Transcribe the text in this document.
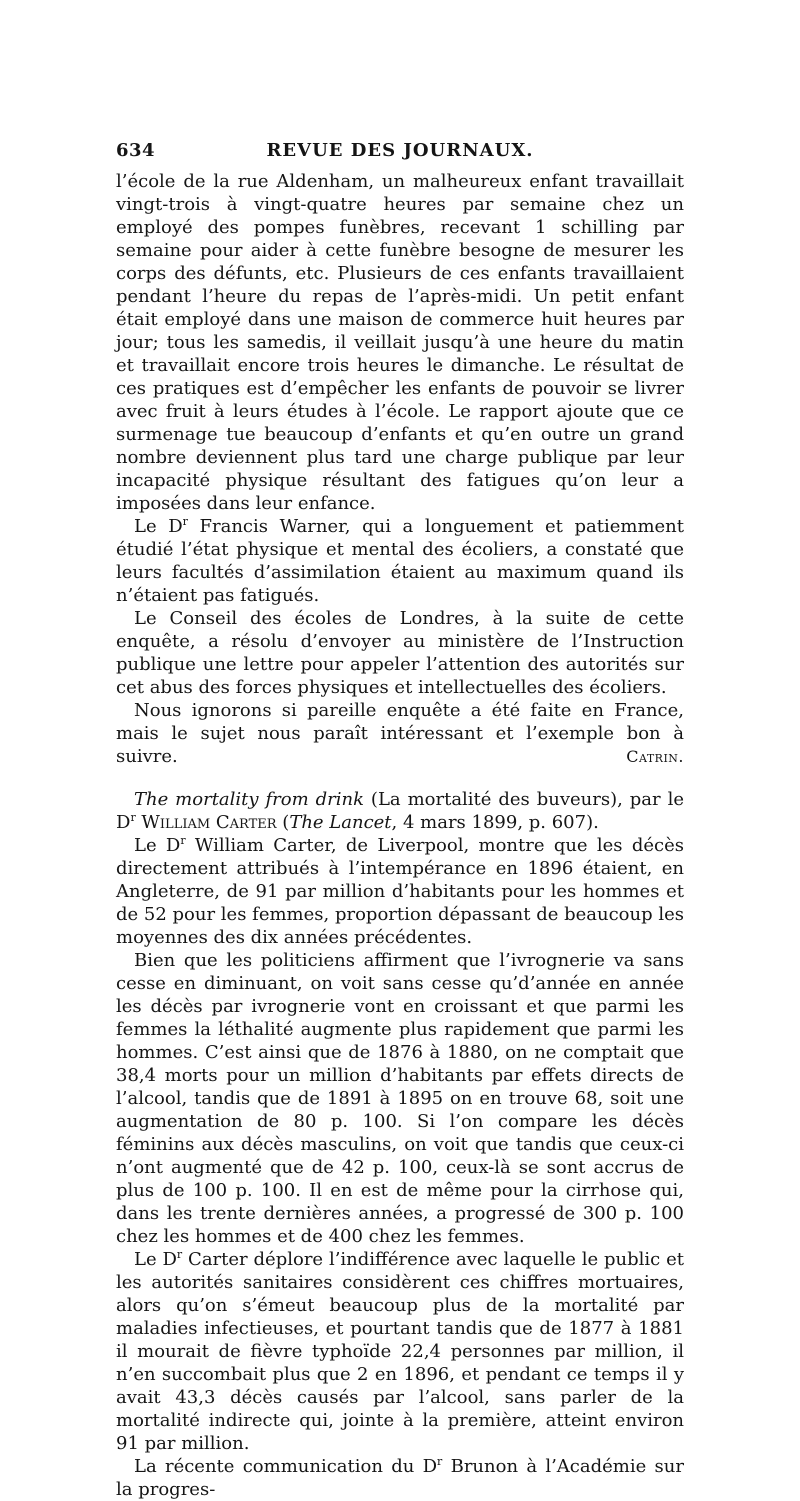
634	REVUE DES JOURNAUX.

l’école de la rue Aldenham, un malheureux enfant travaillait vingt-trois à vingt-quatre heures par semaine chez un employé des pompes funèbres, recevant 1 schilling par semaine pour aider à cette funèbre besogne de mesurer les corps des défunts, etc. Plusieurs de ces enfants travaillaient pendant l’heure du repas de l’après-midi. Un petit enfant était employé dans une maison de commerce huit heures par jour; tous les samedis, il veillait jusqu’à une heure du matin et travaillait encore trois heures le dimanche. Le résultat de ces pratiques est d’empêcher les enfants de pouvoir se livrer avec fruit à leurs études à l’école. Le rapport ajoute que ce surmenage tue beaucoup d’enfants et qu’en outre un grand nombre deviennent plus tard une charge publique par leur incapacité physique résultant des fatigues qu’on leur a imposées dans leur enfance.

Le $D^r$ Francis Warner, qui a longuement et patiemment étudié l’état physique et mental des écoliers, a constaté que leurs facultés d’assimilation étaient au maximum quand ils n’étaient pas fatigués.

Le Conseil des écoles de Londres, à la suite de cette enquête, a résolu d’envoyer au ministère de l’Instruction publique une lettre pour appeler l’attention des autorités sur cet abus des forces physiques et intellectuelles des écoliers.

Nous ignorons si pareille enquête a été faite en France, mais le sujet nous paraît intéressant et l’exemple bon à suivre.	Catrin.

The mortality from drink (La mortalité des buveurs), par le $D^r$ William Carter (The Lancet, 4 mars 1899, p. 607).

Le $D^r$ William Carter, de Liverpool, montre que les décès directement attribués à l’intempérance en 1896 étaient, en Angleterre, de 91 par million d’habitants pour les hommes et de 52 pour les femmes, proportion dépassant de beaucoup les moyennes des dix années précédentes.

Bien que les politiciens affirment que l’ivrognerie va sans cesse en diminuant, on voit sans cesse qu’d’année en année les décès par ivrognerie vont en croissant et que parmi les femmes la léthalité augmente plus rapidement que parmi les hommes. C’est ainsi que de 1876 à 1880, on ne comptait que 38,4 morts pour un million d’habitants par effets directs de l’alcool, tandis que de 1891 à 1895 on en trouve 68, soit une augmentation de 80 p. 100. Si l’on compare les décès féminins aux décès masculins, on voit que tandis que ceux-ci n’ont augmenté que de 42 p. 100, ceux-là se sont accrus de plus de 100 p. 100. Il en est de même pour la cirrhose qui, dans les trente dernières années, a progressé de 300 p. 100 chez les hommes et de 400 chez les femmes.

Le $D^r$ Carter déplore l’indifférence avec laquelle le public et les autorités sanitaires considèrent ces chiffres mortuaires, alors qu’on s’émeut beaucoup plus de la mortalité par maladies infectieuses, et pourtant tandis que de 1877 à 1881 il mourait de fièvre typhoïde 22,4 personnes par million, il n’en succombait plus que 2 en 1896, et pendant ce temps il y avait 43,3 décès causés par l’alcool, sans parler de la mortalité indirecte qui, jointe à la première, atteint environ 91 par million.

La récente communication du $D^r$ Brunon à l’Académie sur la progres-
